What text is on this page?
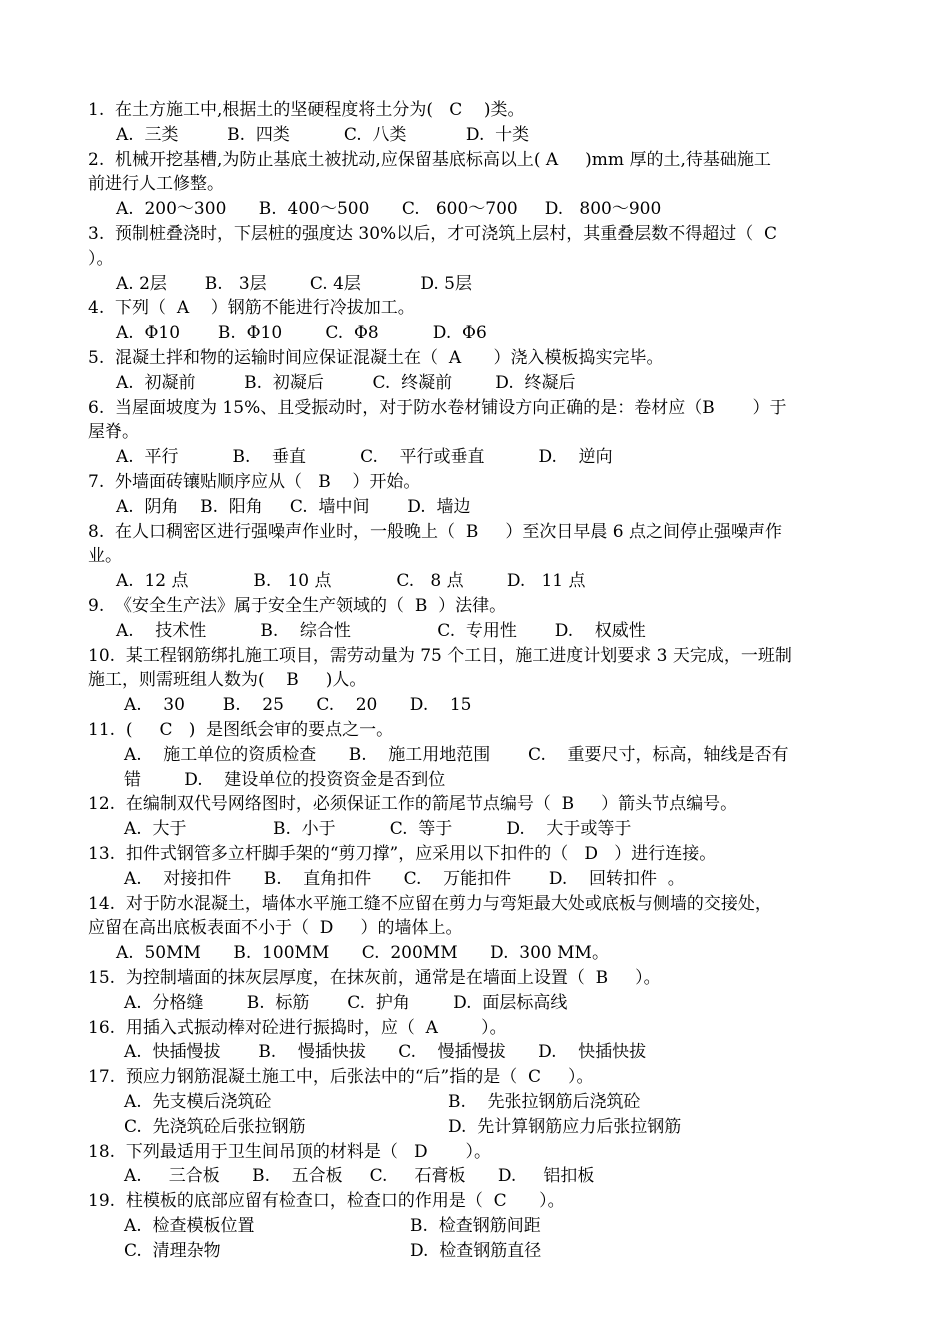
1.  在土方施工中,根据土的坚硬程度将土分为(   C    )类。
A.  三类         B.  四类          C.  八类           D.  十类
2.  机械开挖基槽,为防止基底土被扰动,应保留基底标高以上( A     )mm 厚的土,待基础施工
前进行人工修整。
A.  200～300      B.  400～500      C.   600～700     D.   800～900
3.  预制桩叠浇时，下层桩的强度达 30%以后，才可浇筑上层村，其重叠层数不得超过（  C
）。
A. 2层       B.   3层        C. 4层           D. 5层
4.  下列（  A    ）钢筋不能进行冷拔加工。
A.  Φ10       B.  Φ10        C.  Φ8          D.  Φ6
5.  混凝土拌和物的运输时间应保证混凝土在（  A      ）浇入模板捣实完毕。
A.  初凝前         B.  初凝后         C.  终凝前        D.  终凝后
6.  当屋面坡度为 15%、且受振动时，对于防水卷材铺设方向正确的是：卷材应（B       ）于
屋脊。
A.  平行          B.    垂直          C.    平行或垂直          D.    逆向
7.  外墙面砖镶贴顺序应从（   B    ）开始。
A.  阴角    B.  阳角     C.  墙中间       D.  墙边
8.  在人口稠密区进行强噪声作业时，一般晚上（  B     ）至次日早晨 6 点之间停止强噪声作
业。
A.  12 点            B.   10 点            C.   8 点        D.   11 点
9.  《安全生产法》属于安全生产领域的（  B  ）法律。
A.    技术性          B.    综合性                C.  专用性       D.    权威性
10.  某工程钢筋绑扎施工项目，需劳动量为 75 个工日，施工进度计划要求 3 天完成，一班制
施工，则需班组人数为(    B     )人。
A.    30       B.    25      C.    20      D.    15
11.  (     C   )  是图纸会审的要点之一。
A.    施工单位的资质检查      B.    施工用地范围       C.    重要尺寸，标高，轴线是否有
错        D.    建设单位的投资资金是否到位
12.  在编制双代号网络图时，必须保证工作的箭尾节点编号（  B     ）箭头节点编号。
A.  大于                B.  小于          C.  等于          D.    大于或等于
13.  扣件式钢管多立杆脚手架的“剪刀撑”，应采用以下扣件的（   D   ）进行连接。
A.    对接扣件      B.    直角扣件      C.    万能扣件       D.    回转扣件  。
14.  对于防水混凝土，墙体水平施工缝不应留在剪力与弯矩最大处或底板与侧墙的交接处，
应留在高出底板表面不小于（  D     ）的墙体上。
A.  50MM      B.  100MM      C.  200MM      D.  300 MM。
15.  为控制墙面的抹灰层厚度，在抹灰前，通常是在墙面上设置（  B     ）。
A.  分格缝        B.  标筋       C.  护角        D.  面层标高线
16.  用插入式振动棒对砼进行振捣时，应（  A        ）。
A.  快插慢拔       B.    慢插快拔      C.    慢插慢拔      D.    快插快拔
17.  预应力钢筋混凝土施工中，后张法中的“后”指的是（  C     ）。
A.  先支模后浇筑砼	B.    先张拉钢筋后浇筑砼
C.  先浇筑砼后张拉钢筋	D.  先计算钢筋应力后张拉钢筋
18.  下列最适用于卫生间吊顶的材料是（   D       ）。
A.     三合板      B.    五合板     C.     石膏板      D.     铝扣板
19.  柱模板的底部应留有检查口，检查口的作用是（  C      ）。
A.  检查模板位置	B.  检查钢筋间距
C.  清理杂物	D.  检查钢筋直径
